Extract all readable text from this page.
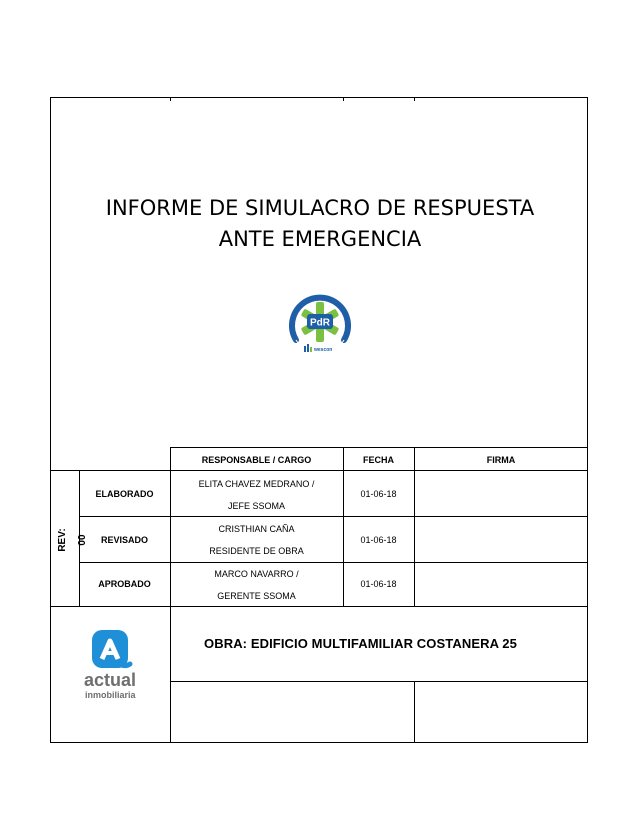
INFORME DE SIMULACRO DE RESPUESTA
ANTE EMERGENCIA
PdR
wescon
RESPONSABLE / CARGO	FECHA	FIRMA
REV: 00
ELABORADO
ELITA CHAVEZ MEDRANO /
JEFE SSOMA
01-06-18
REVISADO
CRISTHIAN CAÑA
RESIDENTE DE OBRA
01-06-18
APROBADO
MARCO NAVARRO /
GERENTE SSOMA
01-06-18
OBRA: EDIFICIO MULTIFAMILIAR COSTANERA 25
actual
inmobiliaria
